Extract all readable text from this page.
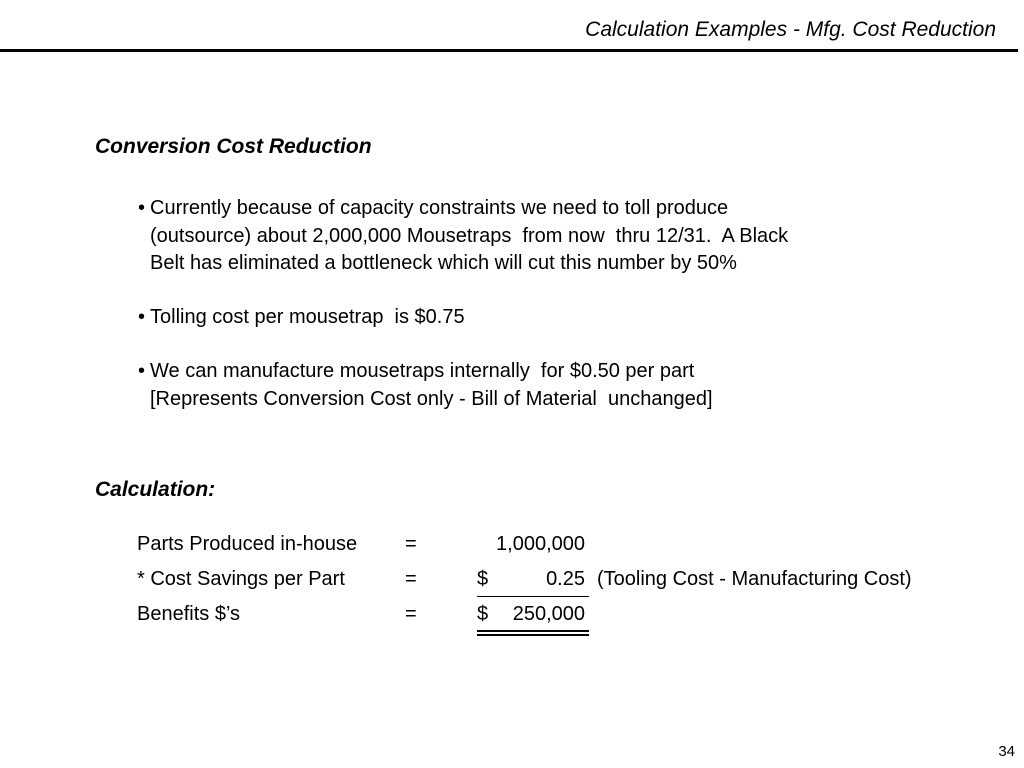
Calculation Examples - Mfg. Cost Reduction
Conversion Cost Reduction
• Currently because of capacity constraints we need to toll produce
(outsource) about 2,000,000 Mousetraps  from now  thru 12/31.  A Black
Belt has eliminated a bottleneck which will cut this number by 50%
• Tolling cost per mousetrap  is $0.75
• We can manufacture mousetraps internally  for $0.50 per part
[Represents Conversion Cost only - Bill of Material  unchanged]
Calculation:
Parts Produced in-house =	1,000,000
* Cost Savings per Part	=	$	0.25 (Tooling Cost - Manufacturing Cost)
Benefits $’s	=	$ 250,000
34
